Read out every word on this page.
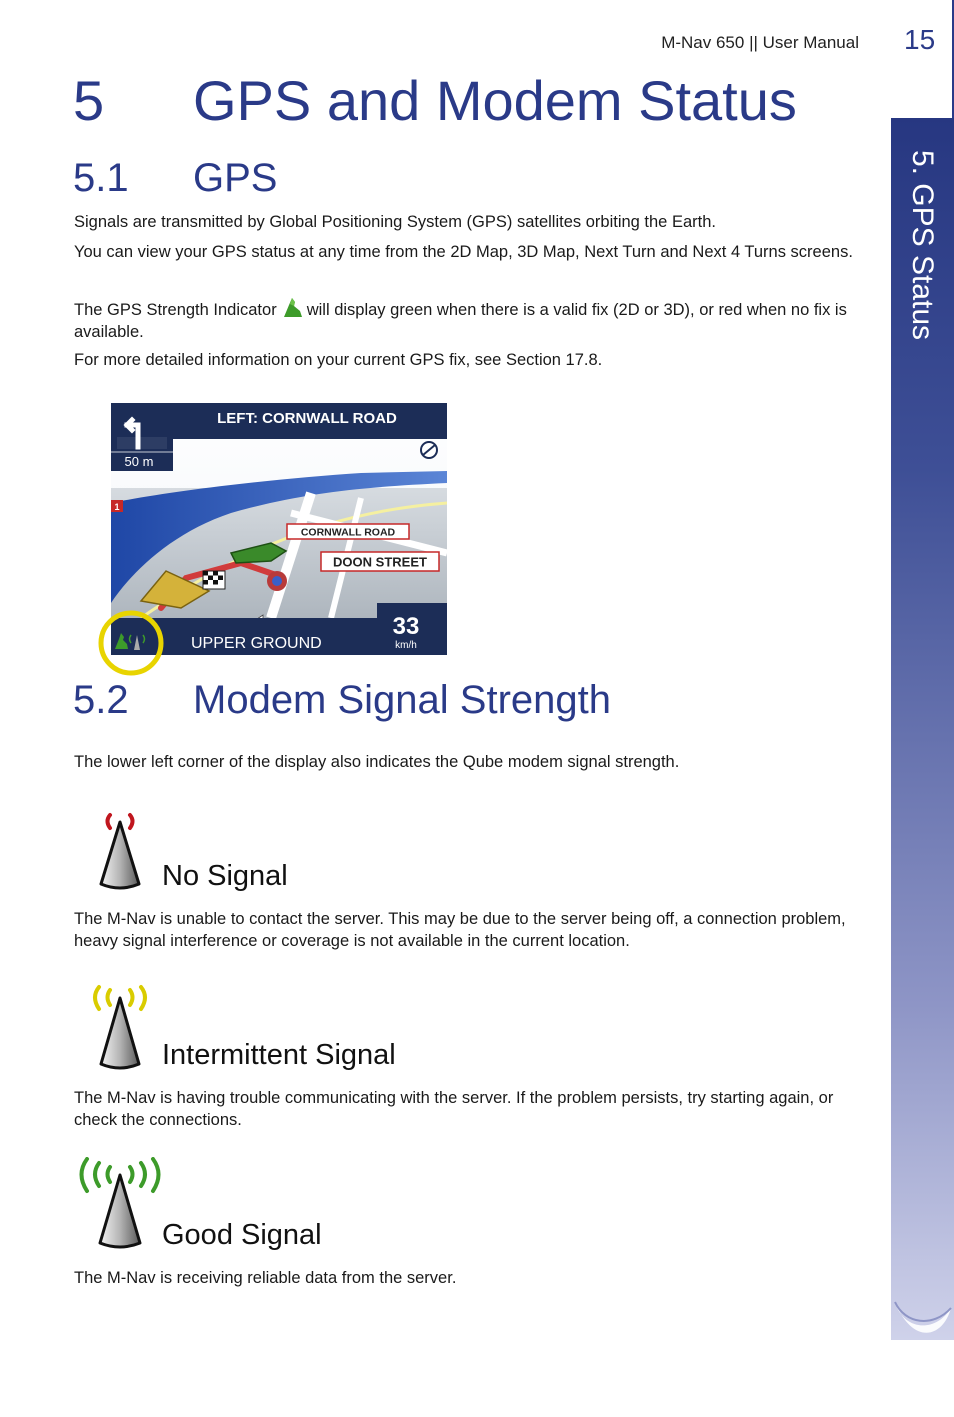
15
5. GPS Status
M-Nav 650 || User Manual
5 GPS and Modem Status
5.1 GPS

Signals are transmitted by Global Positioning System (GPS) satellites orbiting the Earth.

You can view your GPS status at any time from the 2D Map, 3D Map, Next Turn and Next 4 Turns screens.

The GPS Strength Indicator will display green when there is a valid fix (2D or 3D), or red when no fix is available.

For more detailed information on your current GPS fix, see Section 17.8.

CORNWALL ROAD
DOON STREET
1
50 m
LEFT: CORNWALL ROAD
UPPER GROUND
33
km/h
5.2 Modem Signal Strength

The lower left corner of the display also indicates the Qube modem signal strength.

No Signal

The M-Nav is unable to contact the server. This may be due to the server being off, a connection problem, heavy signal interference or coverage is not available in the current location.

Intermittent Signal

The M-Nav is having trouble communicating with the server. If the problem persists, try starting again, or check the connections.

Good Signal

The M-Nav is receiving reliable data from the server.
